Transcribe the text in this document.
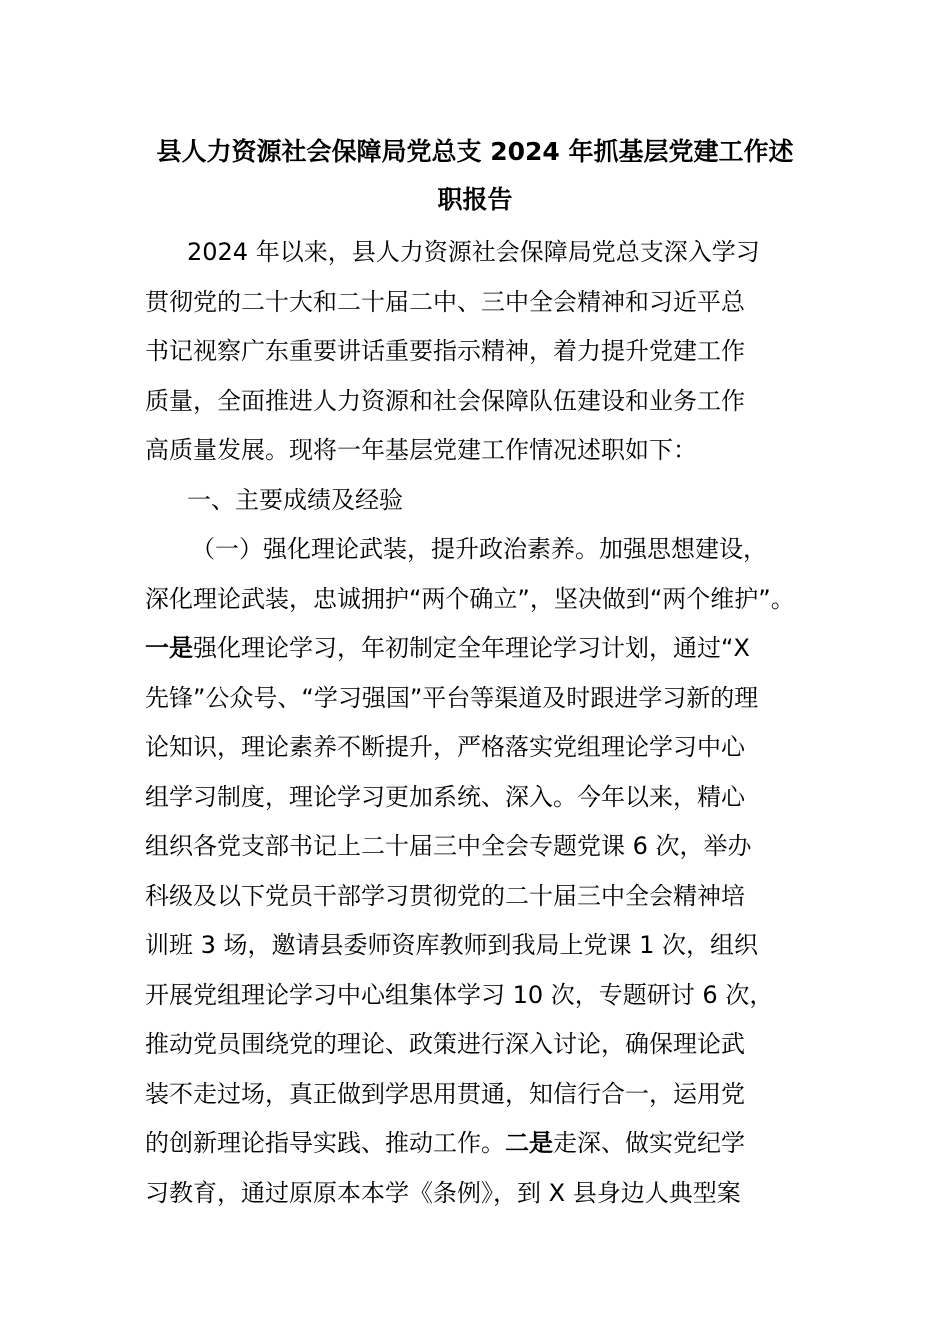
县人力资源社会保障局党总支 2024 年抓基层党建工作述
职报告
2024 年以来，县人力资源社会保障局党总支深入学习
贯彻党的二十大和二十届二中、三中全会精神和习近平总
书记视察广东重要讲话重要指示精神，着力提升党建工作
质量，全面推进人力资源和社会保障队伍建设和业务工作
高质量发展。现将一年基层党建工作情况述职如下：
一、主要成绩及经验
（一）强化理论武装，提升政治素养。加强思想建设，
深化理论武装，忠诚拥护“两个确立”，坚决做到“两个维护”。
一是强化理论学习，年初制定全年理论学习计划，通过“X
先锋”公众号、“学习强国”平台等渠道及时跟进学习新的理
论知识，理论素养不断提升，严格落实党组理论学习中心
组学习制度，理论学习更加系统、深入。今年以来，精心
组织各党支部书记上二十届三中全会专题党课 6 次，举办
科级及以下党员干部学习贯彻党的二十届三中全会精神培
训班 3 场，邀请县委师资库教师到我局上党课 1 次，组织
开展党组理论学习中心组集体学习 10 次，专题研讨 6 次，
推动党员围绕党的理论、政策进行深入讨论，确保理论武
装不走过场，真正做到学思用贯通，知信行合一，运用党
的创新理论指导实践、推动工作。二是走深、做实党纪学
习教育，通过原原本本学《条例》，到 X 县身边人典型案
